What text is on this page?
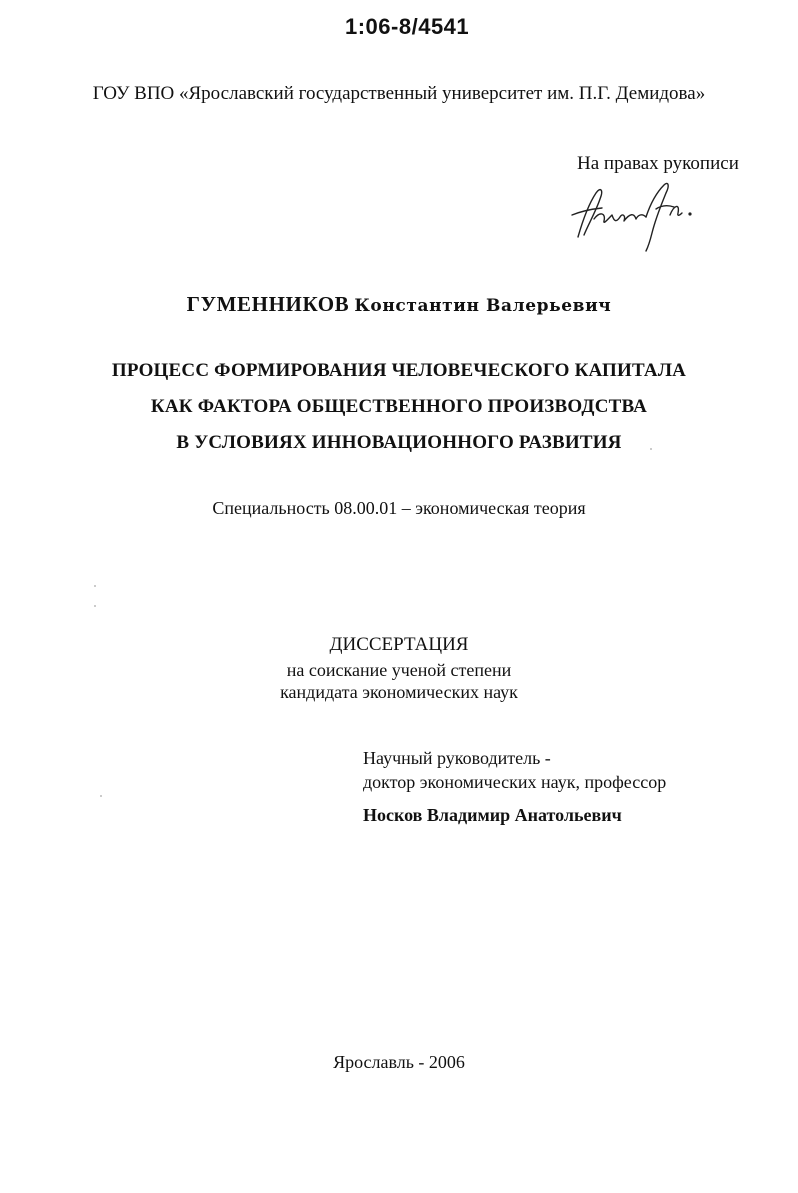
1:06-8/4541
ГОУ ВПО «Ярославский государственный университет им. П.Г. Демидова»
На правах рукописи
ГУМЕННИКОВ Константин Валерьевич
ПРОЦЕСС ФОРМИРОВАНИЯ ЧЕЛОВЕЧЕСКОГО КАПИТАЛА
КАК ФАКТОРА ОБЩЕСТВЕННОГО ПРОИЗВОДСТВА
В УСЛОВИЯХ ИННОВАЦИОННОГО РАЗВИТИЯ
Специальность 08.00.01 – экономическая теория
ДИССЕРТАЦИЯ
на соискание ученой степени
кандидата экономических наук
Научный руководитель -
доктор экономических наук, профессор
Носков Владимир Анатольевич
Ярославль - 2006
